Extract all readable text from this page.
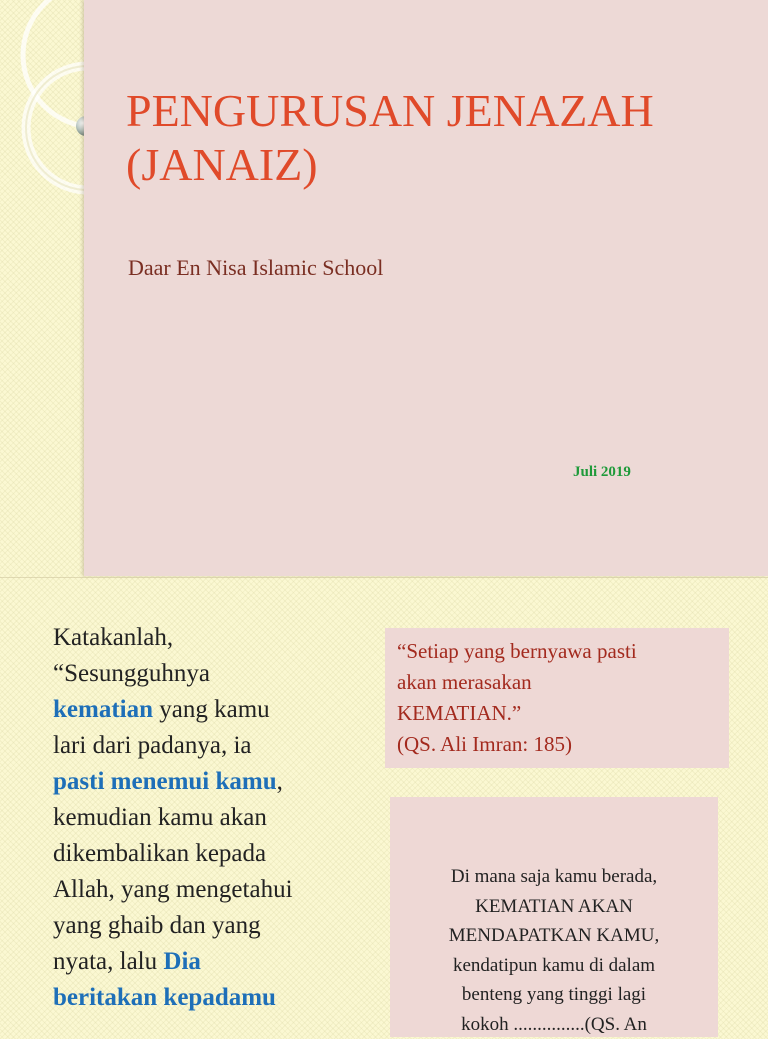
PENGURUSAN JENAZAH
(JANAIZ)

Daar En Nisa Islamic School

Juli 2019

Katakanlah,
“Sesungguhnya
kematian yang kamu
lari dari padanya, ia
pasti menemui kamu,
kemudian kamu akan
dikembalikan kepada
Allah, yang mengetahui
yang ghaib dan yang
nyata, lalu Dia
beritakan kepadamu

“Setiap yang bernyawa pasti
akan merasakan
KEMATIAN.”
(QS. Ali Imran: 185)
Di mana saja kamu berada,
KEMATIAN AKAN
MENDAPATKAN KAMU,
kendatipun kamu di dalam
benteng yang tinggi lagi
kokoh ...............(QS. An
